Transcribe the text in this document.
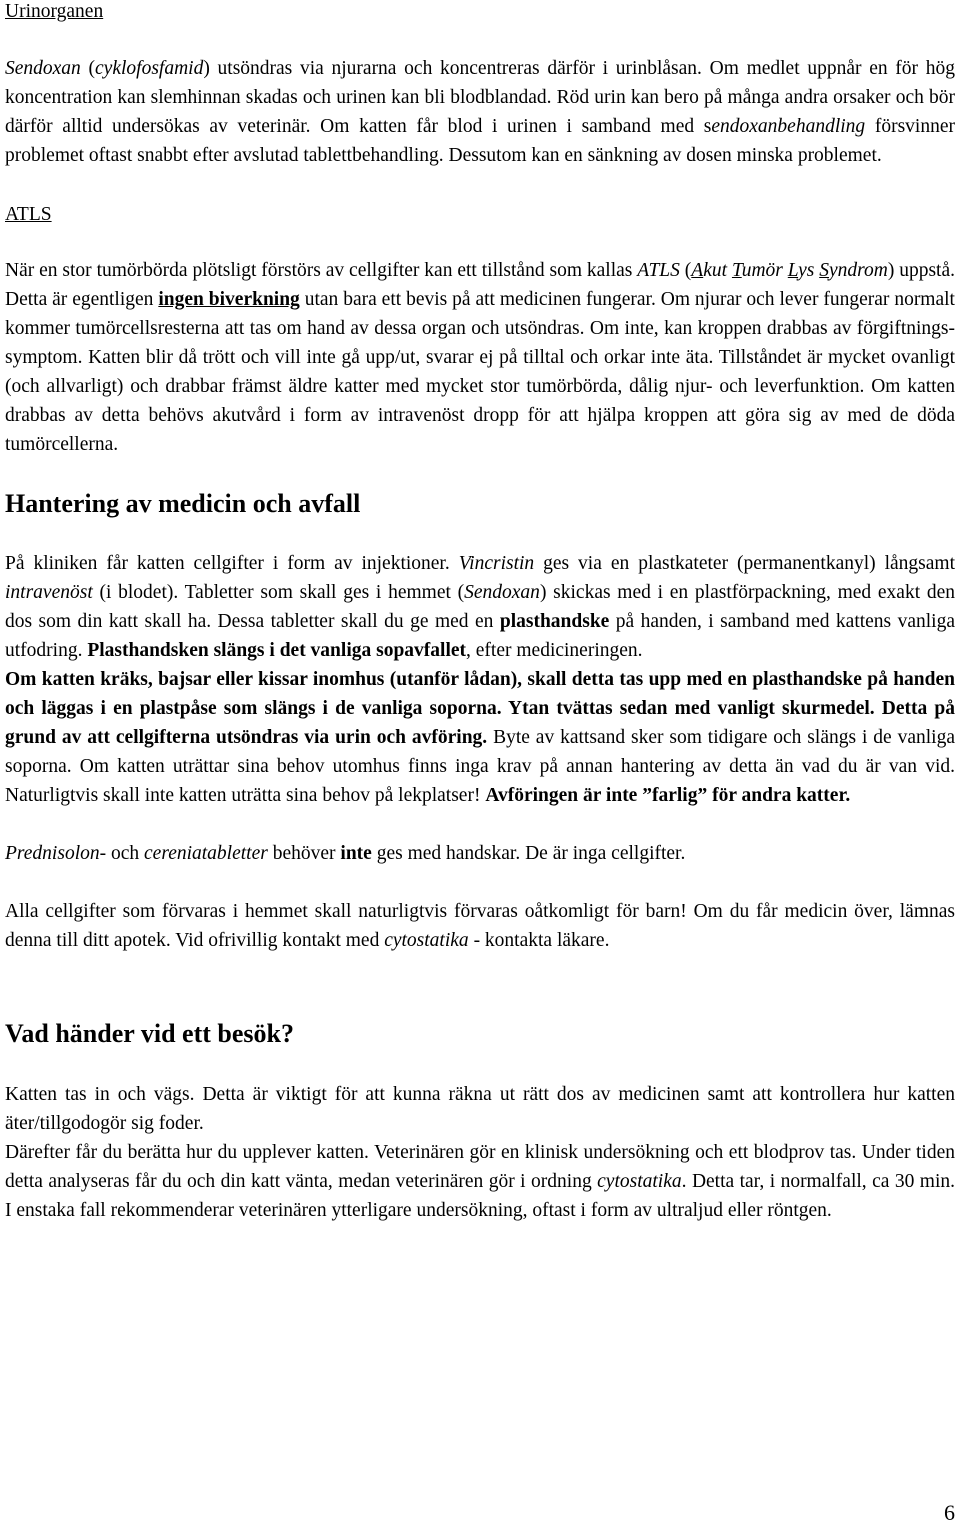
Urinorganen

Sendoxan (cyklofosfamid) utsöndras via njurarna och koncentreras därför i urinblåsan. Om medlet uppnår en för hög koncentration kan slemhinnan skadas och urinen kan bli blodblandad. Röd urin kan bero på många andra orsaker och bör därför alltid undersökas av veterinär. Om katten får blod i urinen i samband med sendoxanbehandling försvinner problemet oftast snabbt efter avslutad tablettbehandling. Dessutom kan en sänkning av dosen minska problemet.

ATLS

När en stor tumörbörda plötsligt förstörs av cellgifter kan ett tillstånd som kallas ATLS (Akut Tumör Lys Syndrom) uppstå. Detta är egentligen ingen biverkning utan bara ett bevis på att medicinen fungerar. Om njurar och lever fungerar normalt kommer tumörcellsresterna att tas om hand av dessa organ och utsöndras. Om inte, kan kroppen drabbas av förgiftnings-symptom. Katten blir då trött och vill inte gå upp/ut, svarar ej på tilltal och orkar inte äta. Tillståndet är mycket ovanligt (och allvarligt) och drabbar främst äldre katter med mycket stor tumörbörda, dålig njur- och leverfunktion. Om katten drabbas av detta behövs akutvård i form av intravenöst dropp för att hjälpa kroppen att göra sig av med de döda tumörcellerna.

Hantering av medicin och avfall

På kliniken får katten cellgifter i form av injektioner. Vincristin ges via en plastkateter (permanentkanyl) långsamt intravenöst (i blodet). Tabletter som skall ges i hemmet (Sendoxan) skickas med i en plastförpackning, med exakt den dos som din katt skall ha. Dessa tabletter skall du ge med en plasthandske på handen, i samband med kattens vanliga utfodring. Plasthandsken slängs i det vanliga sopavfallet, efter medicineringen.
Om katten kräks, bajsar eller kissar inomhus (utanför lådan), skall detta tas upp med en plasthandske på handen och läggas i en plastpåse som slängs i de vanliga soporna. Ytan tvättas sedan med vanligt skurmedel. Detta på grund av att cellgifterna utsöndras via urin och avföring. Byte av kattsand sker som tidigare och slängs i de vanliga soporna. Om katten uträttar sina behov utomhus finns inga krav på annan hantering av detta än vad du är van vid. Naturligtvis skall inte katten uträtta sina behov på lekplatser! Avföringen är inte ”farlig” för andra katter.

Prednisolon- och cereniatabletter behöver inte ges med handskar. De är inga cellgifter.

Alla cellgifter som förvaras i hemmet skall naturligtvis förvaras oåtkomligt för barn! Om du får medicin över, lämnas denna till ditt apotek. Vid ofrivillig kontakt med cytostatika - kontakta läkare.

Vad händer vid ett besök?

Katten tas in och vägs. Detta är viktigt för att kunna räkna ut rätt dos av medicinen samt att kontrollera hur katten äter/tillgodogör sig foder.

Därefter får du berätta hur du upplever katten. Veterinären gör en klinisk undersökning och ett blodprov tas. Under tiden detta analyseras får du och din katt vänta, medan veterinären gör i ordning cytostatika. Detta tar, i normalfall, ca 30 min. I enstaka fall rekommenderar veterinären ytterligare undersökning, oftast i form av ultraljud eller röntgen.

6
